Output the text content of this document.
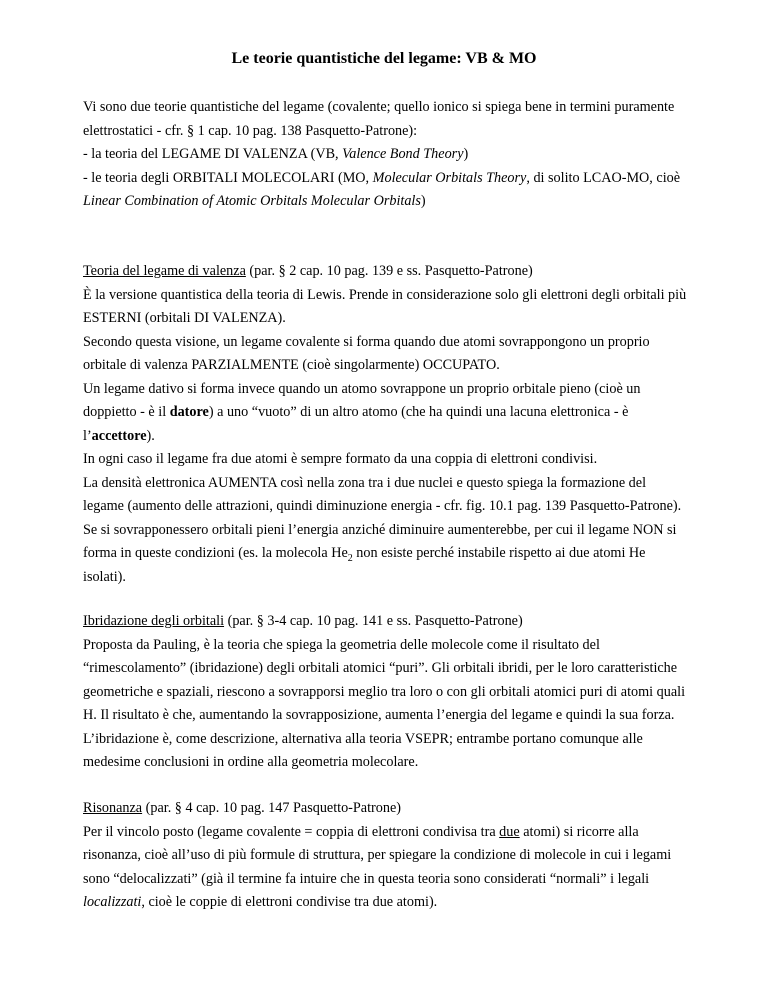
Le teorie quantistiche del legame: VB & MO
Vi sono due teorie quantistiche del legame (covalente; quello ionico si spiega bene in termini puramente
elettrostatici - cfr. § 1 cap. 10 pag. 138 Pasquetto-Patrone):
- la teoria del LEGAME DI VALENZA (VB, Valence Bond Theory)
- le teoria degli ORBITALI MOLECOLARI (MO, Molecular Orbitals Theory, di solito LCAO-MO, cioè
Linear Combination of Atomic Orbitals Molecular Orbitals)
Teoria del legame di valenza (par. § 2 cap. 10 pag. 139 e ss. Pasquetto-Patrone)
È la versione quantistica della teoria di Lewis. Prende in considerazione solo gli elettroni degli orbitali più
ESTERNI (orbitali DI VALENZA).
Secondo questa visione, un legame covalente si forma quando due atomi sovrappongono un proprio
orbitale di valenza PARZIALMENTE (cioè singolarmente) OCCUPATO.
Un legame dativo si forma invece quando un atomo sovrappone un proprio orbitale pieno (cioè un
doppietto - è il datore) a uno “vuoto” di un altro atomo (che ha quindi una lacuna elettronica - è
l’accettore).
In ogni caso il legame fra due atomi è sempre formato da una coppia di elettroni condivisi.
La densità elettronica AUMENTA così nella zona tra i due nuclei e questo spiega la formazione del
legame (aumento delle attrazioni, quindi diminuzione energia - cfr. fig. 10.1 pag. 139 Pasquetto-Patrone).
Se si sovrapponessero orbitali pieni l’energia anziché diminuire aumenterebbe, per cui il legame NON si
forma in queste condizioni (es. la molecola $He_2$ non esiste perché instabile rispetto ai due atomi He
isolati).
Ibridazione degli orbitali (par. § 3-4 cap. 10 pag. 141 e ss. Pasquetto-Patrone)
Proposta da Pauling, è la teoria che spiega la geometria delle molecole come il risultato del
“rimescolamento” (ibridazione) degli orbitali atomici “puri”. Gli orbitali ibridi, per le loro caratteristiche
geometriche e spaziali, riescono a sovrapporsi meglio tra loro o con gli orbitali atomici puri di atomi quali
H. Il risultato è che, aumentando la sovrapposizione, aumenta l’energia del legame e quindi la sua forza.
L’ibridazione è, come descrizione, alternativa alla teoria VSEPR; entrambe portano comunque alle
medesime conclusioni in ordine alla geometria molecolare.
Risonanza (par. § 4 cap. 10 pag. 147 Pasquetto-Patrone)
Per il vincolo posto (legame covalente = coppia di elettroni condivisa tra due atomi) si ricorre alla
risonanza, cioè all’uso di più formule di struttura, per spiegare la condizione di molecole in cui i legami
sono “delocalizzati” (già il termine fa intuire che in questa teoria sono considerati “normali” i legali
localizzati, cioè le coppie di elettroni condivise tra due atomi).
